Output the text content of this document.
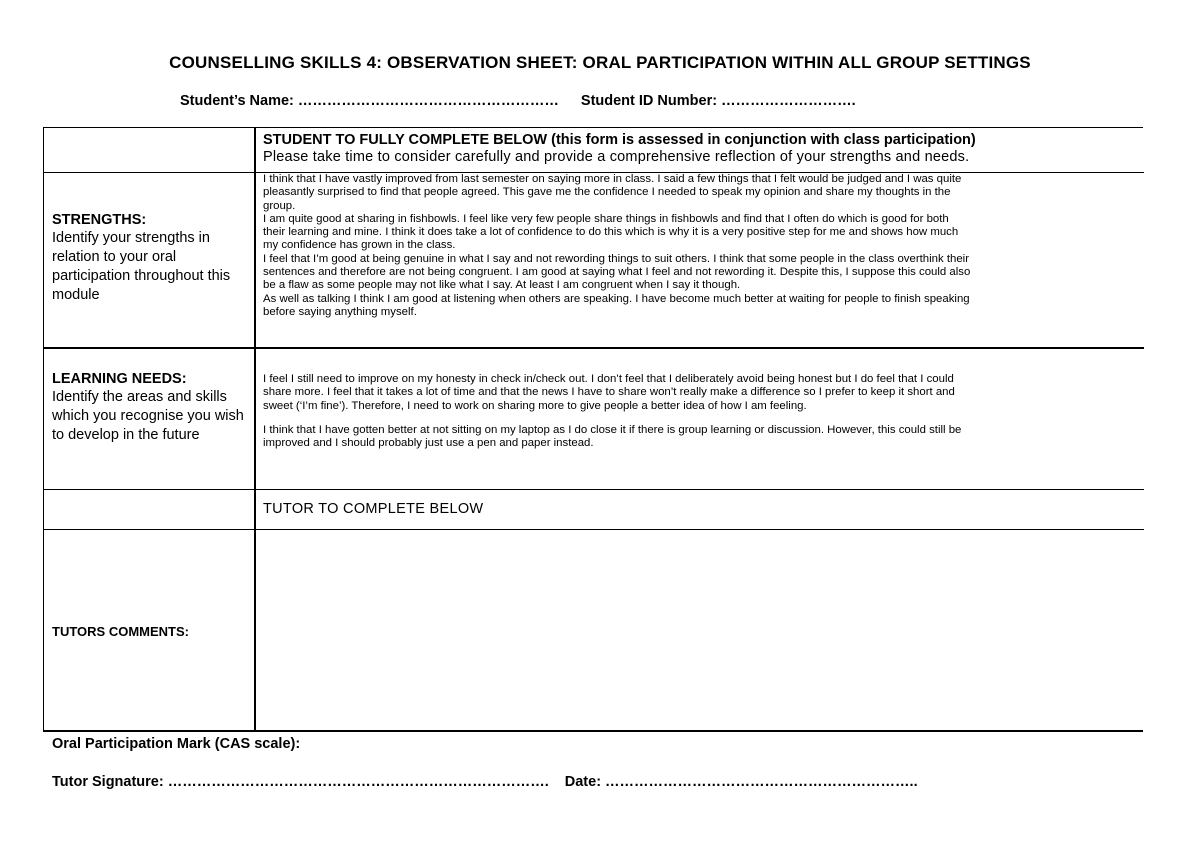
COUNSELLING SKILLS 4: OBSERVATION SHEET: ORAL PARTICIPATION WITHIN ALL GROUP SETTINGS
Student’s Name: ……………………………………………… Student ID Number: ……………………….
STUDENT TO FULLY COMPLETE BELOW (this form is assessed in conjunction with class participation)
Please take time to consider carefully and provide a comprehensive reflection of your strengths and needs.
STRENGTHS:
Identify your strengths in relation to your oral participation throughout this module

I think that I have vastly improved from last semester on saying more in class. I said a few things that I felt would be judged and I was quite

pleasantly surprised to find that people agreed. This gave me the confidence I needed to speak my opinion and share my thoughts in the

group.

I am quite good at sharing in fishbowls. I feel like very few people share things in fishbowls and find that I often do which is good for both

their learning and mine. I think it does take a lot of confidence to do this which is why it is a very positive step for me and shows how much

my confidence has grown in the class.

I feel that I’m good at being genuine in what I say and not rewording things to suit others. I think that some people in the class overthink their

sentences and therefore are not being congruent. I am good at saying what I feel and not rewording it. Despite this, I suppose this could also

be a flaw as some people may not like what I say. At least I am congruent when I say it though.

As well as talking I think I am good at listening when others are speaking. I have become much better at waiting for people to finish speaking

before saying anything myself.

LEARNING NEEDS:
Identify the areas and skills which you recognise you wish to develop in the future

I feel I still need to improve on my honesty in check in/check out. I don’t feel that I deliberately avoid being honest but I do feel that I could

share more. I feel that it takes a lot of time and that the news I have to share won’t really make a difference so I prefer to keep it short and

sweet (‘I’m fine’). Therefore, I need to work on sharing more to give people a better idea of how I am feeling.

I think that I have gotten better at not sitting on my laptop as I do close it if there is group learning or discussion. However, this could still be

improved and I should probably just use a pen and paper instead.

TUTOR TO COMPLETE BELOW
TUTORS COMMENTS:
Oral Participation Mark (CAS scale):
Tutor Signature: ……………………………………………………………………. Date: ………………………………………………………..
